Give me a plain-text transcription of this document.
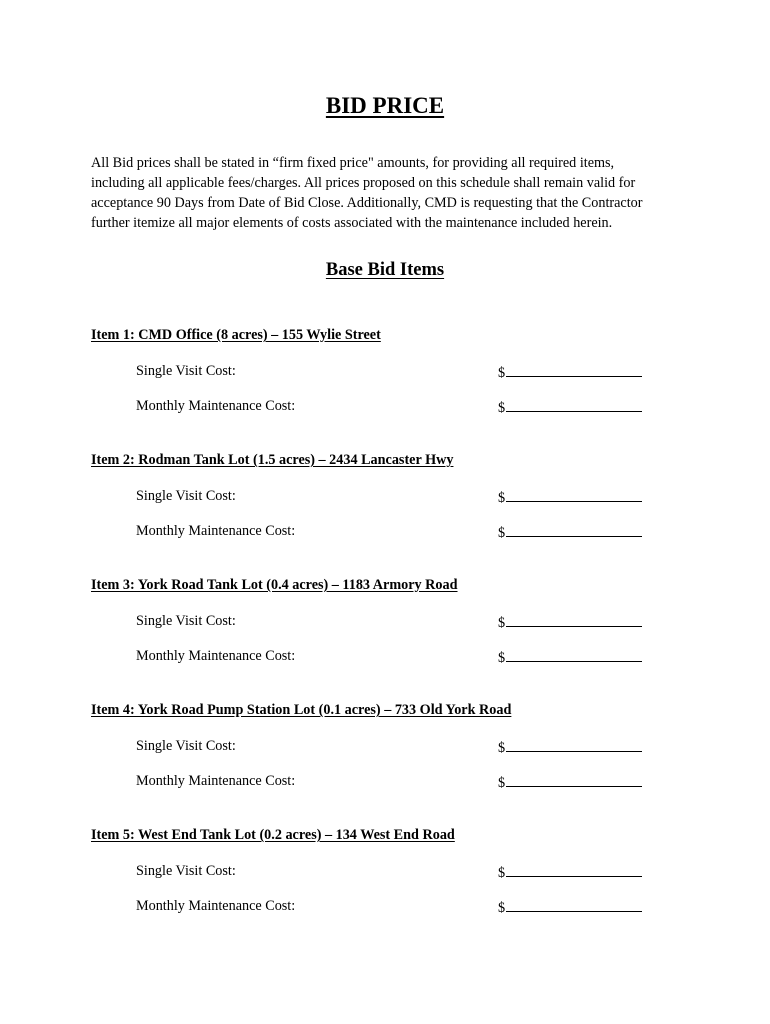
BID PRICE

All Bid prices shall be stated in “firm fixed price" amounts, for providing all required items,
including all applicable fees/charges. All prices proposed on this schedule shall remain valid for
acceptance 90 Days from Date of Bid Close. Additionally, CMD is requesting that the Contractor
further itemize all major elements of costs associated with the maintenance included herein.

Base Bid Items

Item 1: CMD Office (8 acres) – 155 Wylie Street

Single Visit Cost:	$
Monthly Maintenance Cost:	$

Item 2: Rodman Tank Lot (1.5 acres) – 2434 Lancaster Hwy

Single Visit Cost:	$
Monthly Maintenance Cost:	$

Item 3: York Road Tank Lot (0.4 acres) – 1183 Armory Road

Single Visit Cost:	$
Monthly Maintenance Cost:	$

Item 4: York Road Pump Station Lot (0.1 acres) – 733 Old York Road

Single Visit Cost:	$
Monthly Maintenance Cost:	$

Item 5: West End Tank Lot (0.2 acres) – 134 West End Road

Single Visit Cost:	$
Monthly Maintenance Cost:	$
